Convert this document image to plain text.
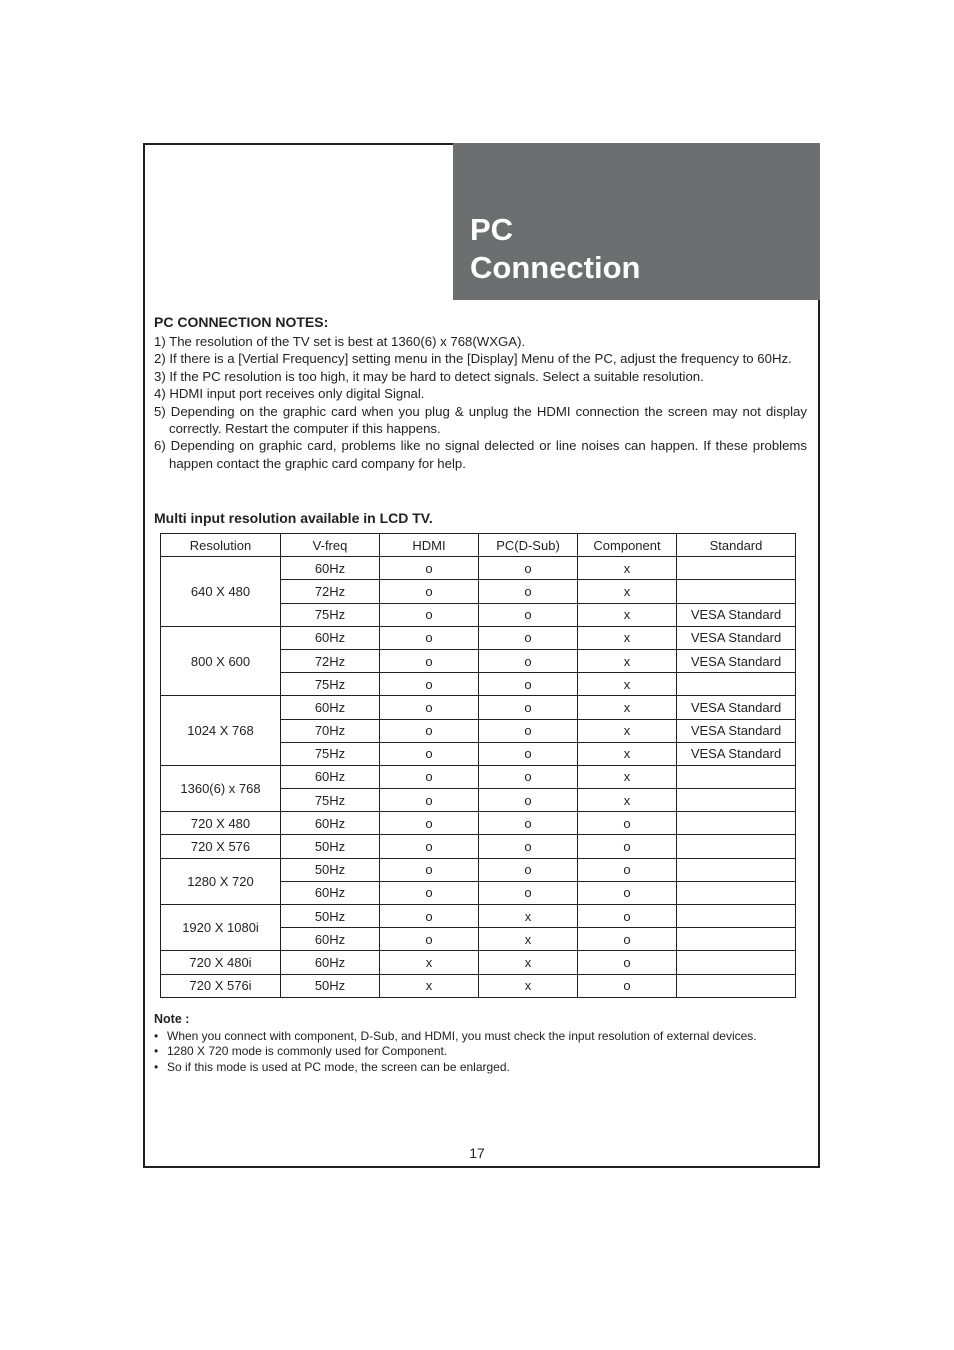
PC
Connection
PC CONNECTION NOTES:
1) The resolution of the TV set is best at 1360(6) x 768(WXGA).
2) If there is a [Vertial Frequency] setting menu in the [Display] Menu of the PC, adjust the frequency to 60Hz.
3) If the PC resolution is too high, it may be hard to detect signals. Select a suitable resolution.
4) HDMI input port receives only digital Signal.
5) Depending on the graphic card when you plug & unplug the HDMI connection the screen may not display correctly. Restart the computer if this happens.
6) Depending on graphic card, problems like no signal delected or line noises can happen. If these problems happen contact the graphic card company for help.
Multi input resolution available in LCD TV.
Resolution	V-freq	HDMI	PC(D-Sub)	Component	Standard
640 X 480	60Hz	o	o	x	
	72Hz	o	o	x	
	75Hz	o	o	x	VESA Standard
800 X 600	60Hz	o	o	x	VESA Standard
	72Hz	o	o	x	VESA Standard
	75Hz	o	o	x	
1024 X 768	60Hz	o	o	x	VESA Standard
	70Hz	o	o	x	VESA Standard
	75Hz	o	o	x	VESA Standard
1360(6) x 768	60Hz	o	o	x	
	75Hz	o	o	x	
720 X 480	60Hz	o	o	o	
720 X 576	50Hz	o	o	o	
1280 X 720	50Hz	o	o	o	
	60Hz	o	o	o	
1920 X 1080i	50Hz	o	x	o	
	60Hz	o	x	o	
720 X 480i	60Hz	x	x	o	
720 X 576i	50Hz	x	x	o	
Note :
• When you connect with component, D-Sub, and HDMI, you must check the input resolution of external devices.
• 1280 X 720 mode is commonly used for Component.
• So if this mode is used at PC mode, the screen can be enlarged.
17
